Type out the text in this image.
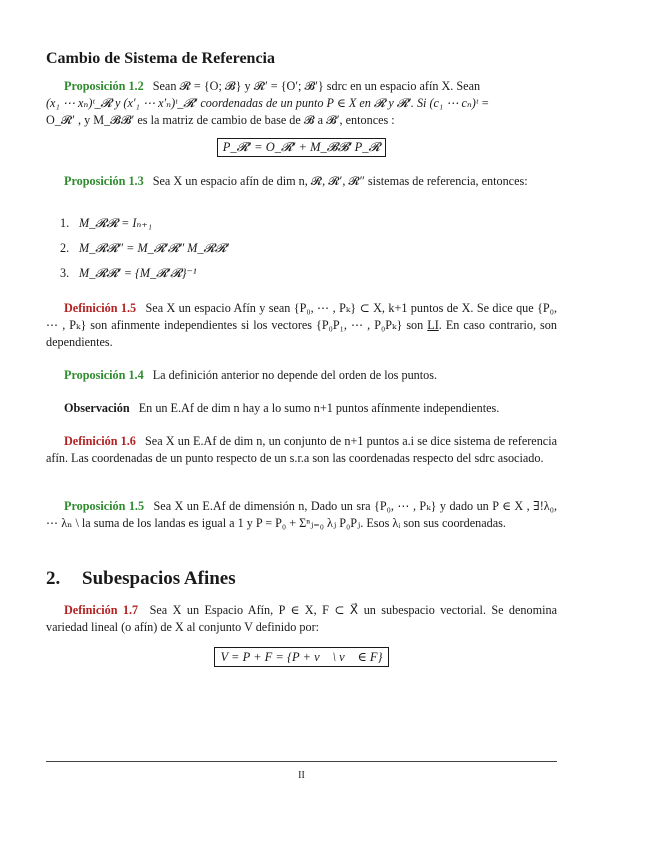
Cambio de Sistema de Referencia
Proposición 1.2 Sean 𝓡 = {O; 𝓑} y 𝓡′ = {O′; 𝓑′} sdrc en un espacio afín X. Sean
(x₁ ⋯ xₙ)ᵗ_𝓡 y (x′₁ ⋯ x′ₙ)ᵗ_𝓡′ coordenadas de un punto P ∈ X en 𝓡 y 𝓡′. Si (c₁ ⋯ cₙ)ᵗ =
O_𝓡′ , y M_𝓑𝓑′ es la matriz de cambio de base de 𝓑 a 𝓑′, entonces :
P_𝓡′ = O_𝓡′ + M_𝓑𝓑′ P_𝓡
Proposición 1.3 Sea X un espacio afín de dim n, 𝓡, 𝓡′, 𝓡″ sistemas de referencia, entonces:
1. M_𝓡𝓡 = Iₙ₊₁
2. M_𝓡𝓡″ = M_𝓡′𝓡″ M_𝓡𝓡′
3. M_𝓡𝓡′ = {M_𝓡′𝓡}⁻¹
Definición 1.5 Sea X un espacio Afín y sean {P₀, ⋯ , Pₖ} ⊂ X, k+1 puntos de X. Se dice que {P₀, ⋯ , Pₖ} son afinmente independientes si los vectores {P₀P₁, ⋯ , P₀Pₖ} son LI. En caso contrario, son dependientes.
Proposición 1.4 La definición anterior no depende del orden de los puntos.
Observación En un E.Af de dim n hay a lo sumo n+1 puntos afínmente independientes.
Definición 1.6 Sea X un E.Af de dim n, un conjunto de n+1 puntos a.i se dice sistema de referencia afín. Las coordenadas de un punto respecto de un s.r.a son las coordenadas respecto del sdrc asociado.
Proposición 1.5 Sea X un E.Af de dimensión n, Dado un sra {P₀, ⋯ , Pₖ} y dado un P ∈ X , ∃!λ₀, ⋯ λₙ \ la suma de los landas es igual a 1 y P = P₀ + Σⁿⱼ₌₀ λⱼ P₀Pⱼ. Esos λᵢ son sus coordenadas.
2. Subespacios Afines
Definición 1.7 Sea X un Espacio Afín, P ∈ X, F ⊂ X⃗ un subespacio vectorial. Se denomina variedad lineal (o afín) de X al conjunto V definido por:
V = P + F = {P + v⃗ \ v⃗ ∈ F}
II
